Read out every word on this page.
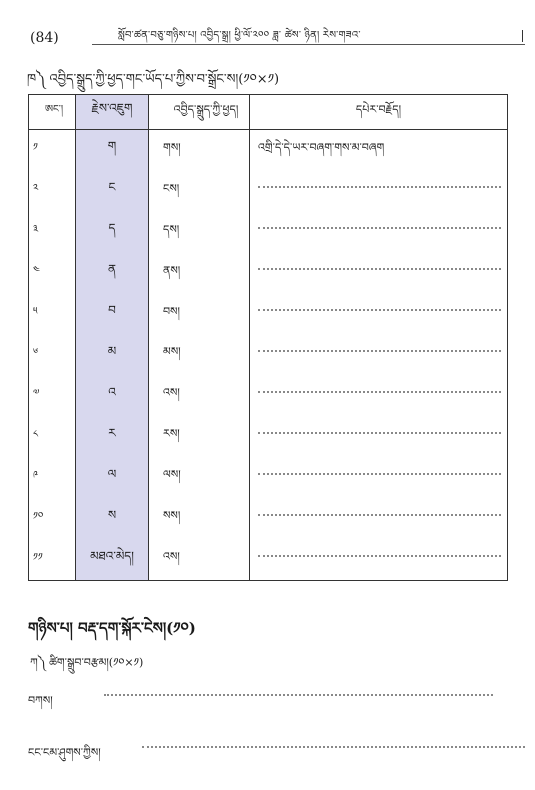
(84)	སློབ་ཚན་བཅུ་གཉིས་པ། འབྱིད་སྒྲ། ཕྱི་ལོ་༢༠༠ ཟླ་ ཚེས་ ཉིན། རེས་གཟའ་
ཁ༽ འབྱིད་སྒྲུད་ཀྱི་ཕྱད་གང་ཡོད་པ་ཀྱིས་བ་སྒྲོང་ས།(༡༠×༡)
ཨང་།	རྗེས་འཇུག	འབྱིད་སྒྲུད་ཀྱི་ཕྱད།	དཔེར་བརྗོད།
༡	ག	གས།	འགྲི་དེ་དེ་ཡར་བཞག་གས་མ་བཞག
༢	ང	ངས།	

༣	ད	དས།	

༤	ན	ནས།	

༥	བ	བས།	

༦	མ	མས།	

༧	འ	འས།	

༨	ར	རས།	

༩	ལ	ལས།	

༡༠	ས	སས།	

༡༡	མཐའ་མེད།	འས།	
གཉིས་པ། བརྡ་དག་སྐོར་ངེས།(༡༠)
ཀ༽ ཚིག་སྒྲུབ་བརྩམ།(༡༠×༡)
བཀས།
ངང་ངམ་ཤུགས་ཀྱིས།
